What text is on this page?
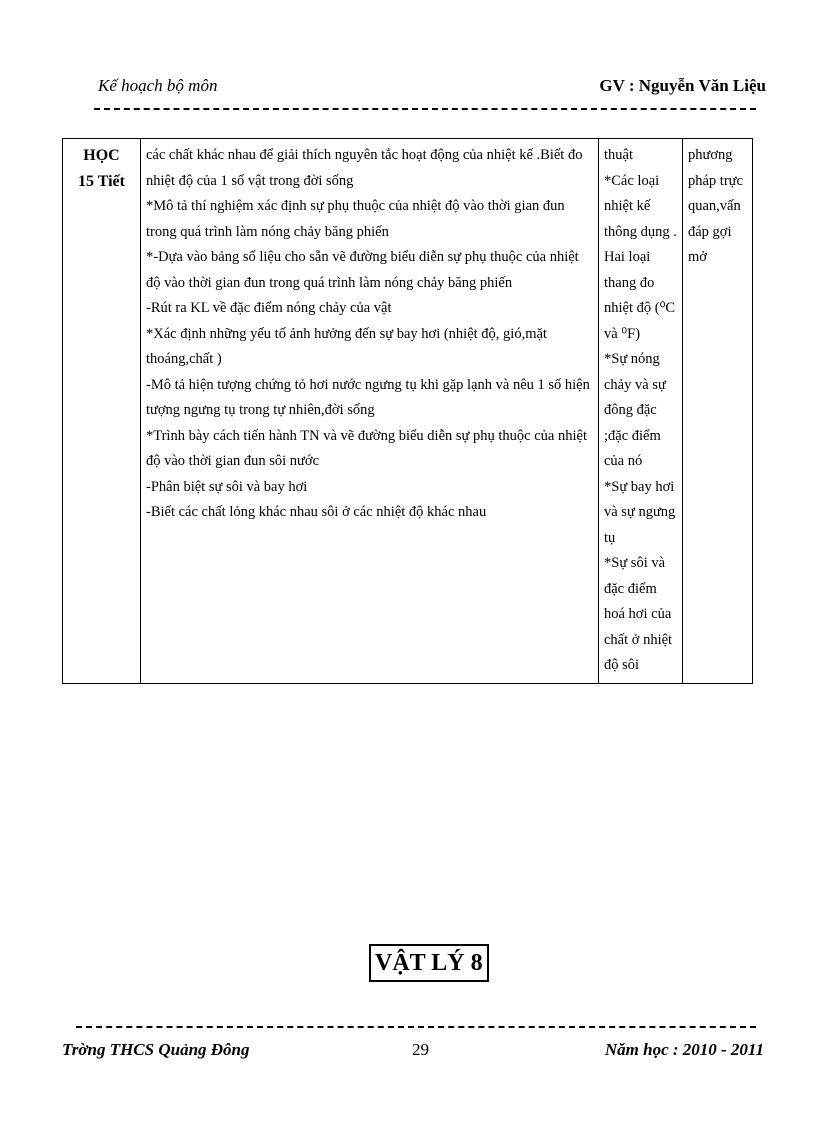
Kế hoạch bộ môn	GV : Nguyễn Văn Liệu
HỌC
15 Tiết

các chất khác nhau để giải thích nguyên tắc hoạt động của nhiệt kế .Biết đo
nhiệt độ của 1 số vật trong đời sống
*Mô tả thí nghiệm xác định sự phụ thuộc của nhiệt độ vào thời gian đun
trong quá trình làm nóng chảy băng phiến
*-Dựa vào bảng số liệu cho sẵn vẽ đường biểu diễn sự phụ thuộc của nhiệt
độ vào thời gian đun trong quá trình làm nóng chảy băng phiến
-Rút ra KL về đặc điểm nóng chảy của vật
*Xác định những yếu tố ảnh hưởng đến sự bay hơi (nhiệt độ, gió,mặt
thoáng,chất )
-Mô tả hiện tượng chứng tỏ hơi nước ngưng tụ khi gặp lạnh và nêu 1 số hiện
tượng ngưng tụ trong tự nhiên,đời sống
*Trình bày cách tiến hành TN và vẽ đường biểu diễn sự phụ thuộc của nhiệt
độ vào thời gian đun sôi nước
-Phân biệt sự sôi và bay hơi
-Biết các chất lỏng khác nhau sôi ở các nhiệt độ khác nhau

thuật
*Các loại
nhiệt kế
thông dụng .
Hai loại
thang đo
nhiệt độ (⁰C
và ⁰F)
*Sự nóng
chảy và sự
đông đặc
;đặc điểm
của nó
*Sự bay hơi
và sự ngưng
tụ
*Sự sôi và
đặc điểm
hoá hơi của
chất ở nhiệt
độ sôi

phương
pháp trực
quan,vấn
đáp gợi
mở
VẬT LÝ 8
Trờng THCS Quảng Đông	29	Năm học : 2010 - 2011
